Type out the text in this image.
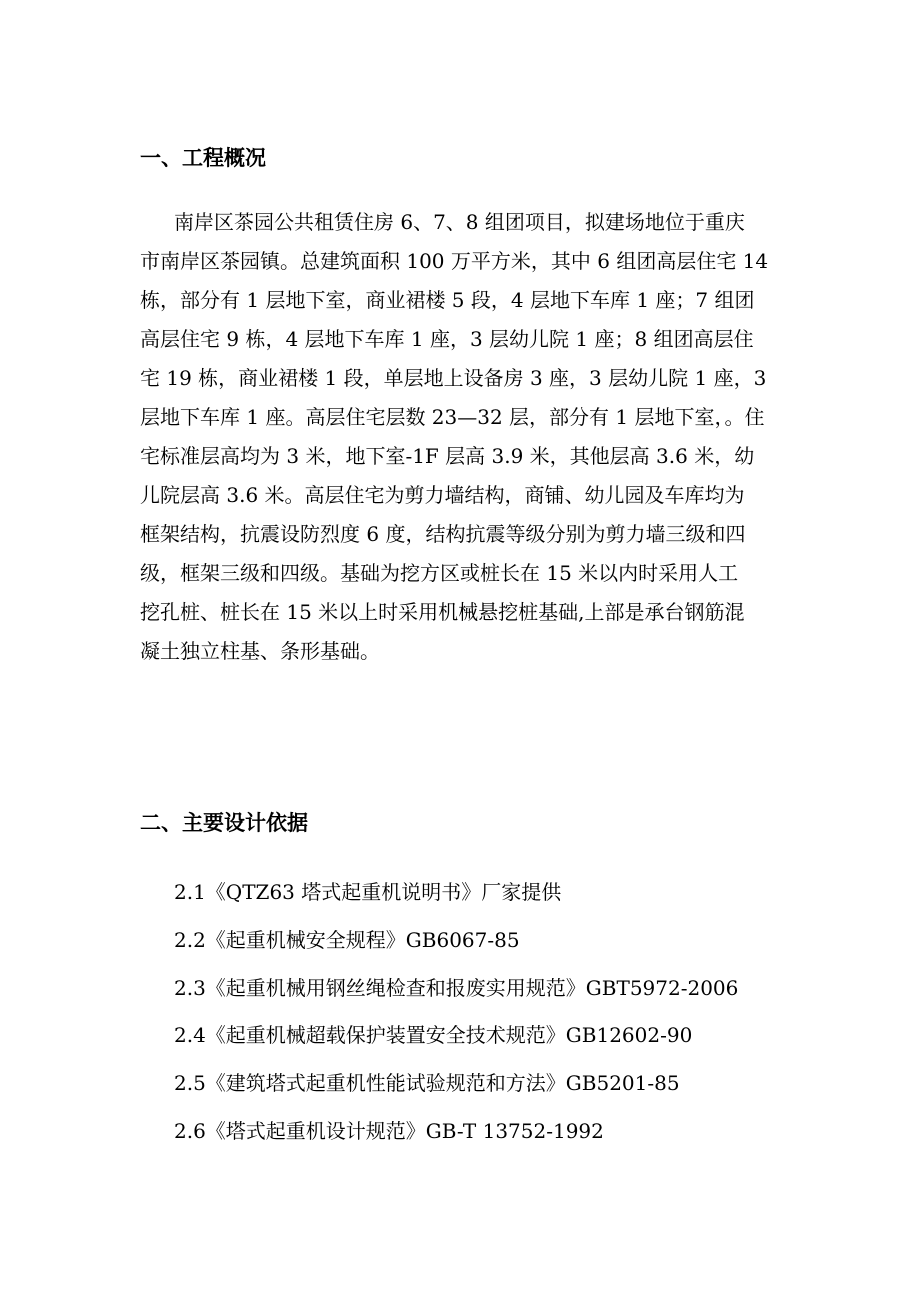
一、工程概况

南岸区茶园公共租赁住房 6、7、8 组团项目，拟建场地位于重庆
市南岸区茶园镇。总建筑面积 100 万平方米，其中 6 组团高层住宅 14
栋，部分有 1 层地下室，商业裙楼 5 段，4 层地下车库 1 座；7 组团
高层住宅 9 栋，4 层地下车库 1 座，3 层幼儿院 1 座；8 组团高层住
宅 19 栋，商业裙楼 1 段，单层地上设备房 3 座，3 层幼儿院 1 座，3
层地下车库 1 座。高层住宅层数 23—32 层，部分有 1 层地下室，。住
宅标准层高均为 3 米，地下室-1F 层高 3.9 米，其他层高 3.6 米，幼
儿院层高 3.6 米。高层住宅为剪力墙结构，商铺、幼儿园及车库均为
框架结构，抗震设防烈度 6 度，结构抗震等级分别为剪力墙三级和四
级，框架三级和四级。基础为挖方区或桩长在 15 米以内时采用人工
挖孔桩、桩长在 15 米以上时采用机械悬挖桩基础,上部是承台钢筋混
凝土独立柱基、条形基础。

二、主要设计依据
2.1《QTZ63 塔式起重机说明书》厂家提供
2.2《起重机械安全规程》GB6067-85
2.3《起重机械用钢丝绳检查和报废实用规范》GBT5972-2006
2.4《起重机械超载保护装置安全技术规范》GB12602-90
2.5《建筑塔式起重机性能试验规范和方法》GB5201-85
2.6《塔式起重机设计规范》GB-T 13752-1992
